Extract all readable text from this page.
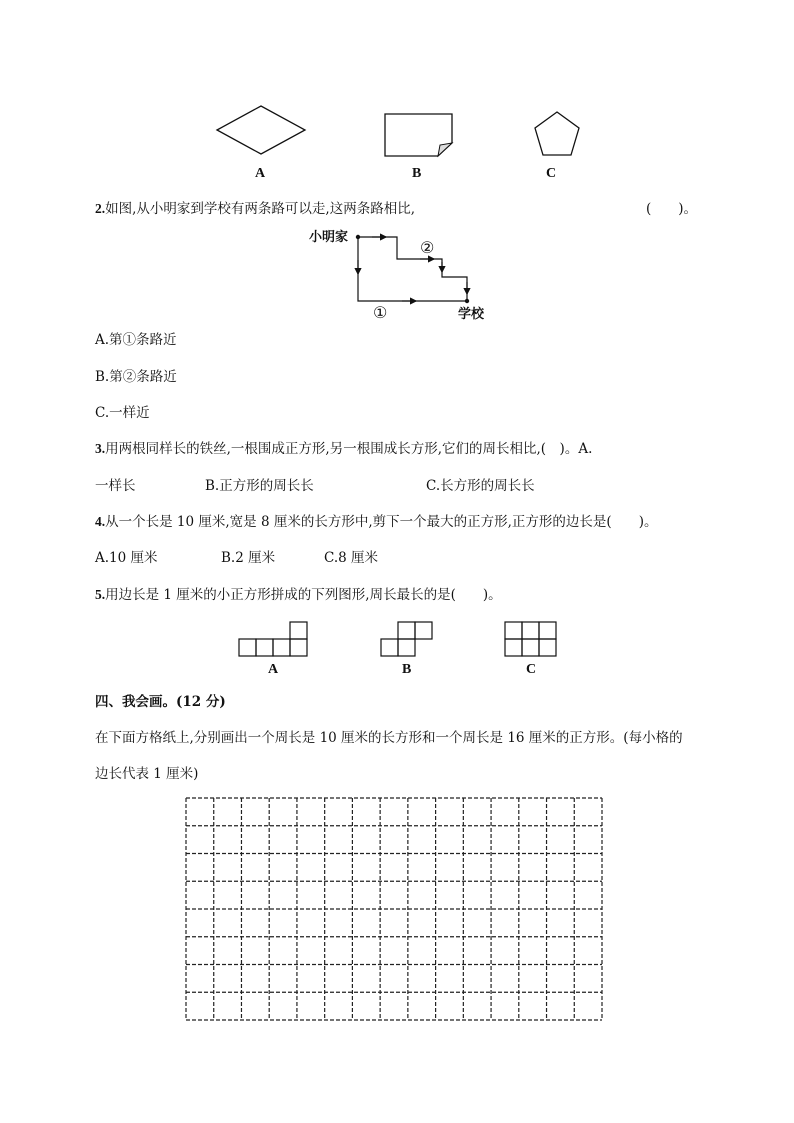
A	B	C
2.如图,从小明家到学校有两条路可以走,这两条路相比,	(　　)。
小明家
学校
①
②
A.第①条路近
B.第②条路近
C.一样近
3.用两根同样长的铁丝,一根围成正方形,另一根围成长方形,它们的周长相比,(　)。A.
一样长	B.正方形的周长长	C.长方形的周长长
4.从一个长是 10 厘米,宽是 8 厘米的长方形中,剪下一个最大的正方形,正方形的边长是(　　)。
A.10 厘米	B.2 厘米	C.8 厘米
5.用边长是 1 厘米的小正方形拼成的下列图形,周长最长的是(　　)。
A	B	C
四、我会画。(12 分)
在下面方格纸上,分别画出一个周长是 10 厘米的长方形和一个周长是 16 厘米的正方形。(每小格的
边长代表 1 厘米)
